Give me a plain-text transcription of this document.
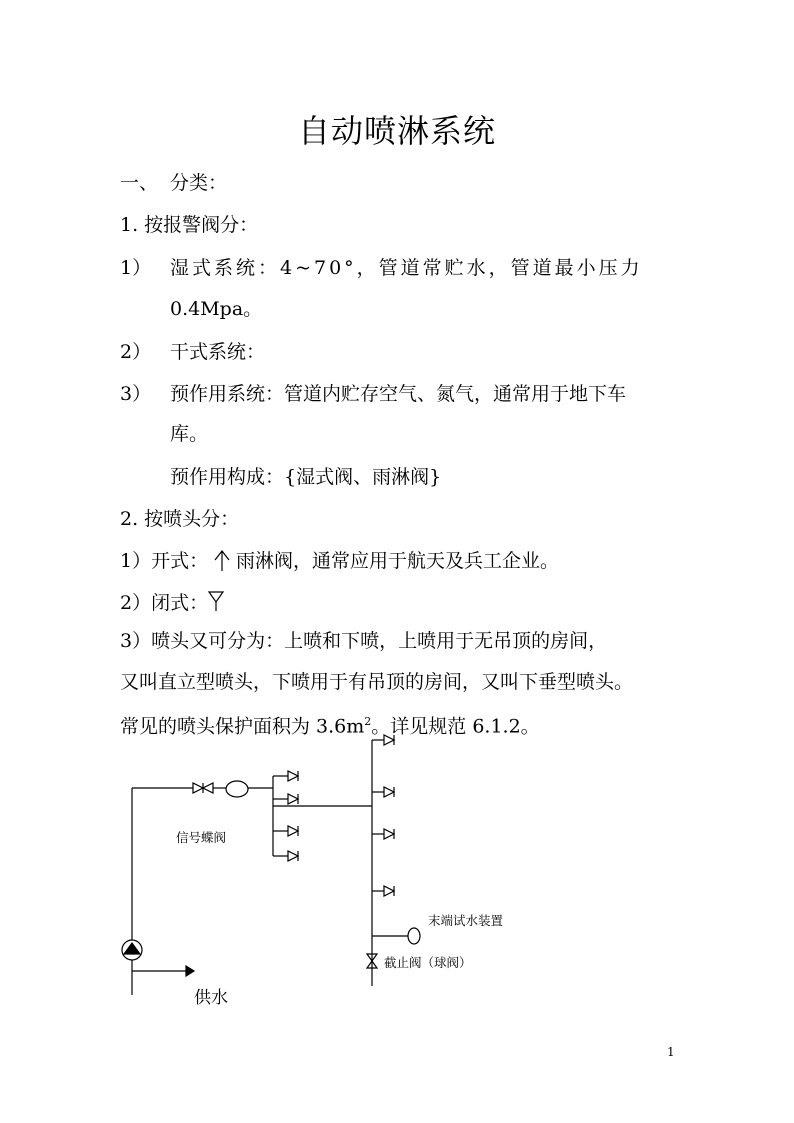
自动喷淋系统
一、 分类：
1. 按报警阀分：
1） 湿式系统：4~70°，管道常贮水，管道最小压力
0.4Mpa。
2） 干式系统：
3） 预作用系统：管道内贮存空气、氮气，通常用于地下车
库。
预作用构成：{湿式阀、雨淋阀}
2. 按喷头分：
1）开式： 雨淋阀，通常应用于航天及兵工企业。
2）闭式：
3）喷头又可分为：上喷和下喷，上喷用于无吊顶的房间，
又叫直立型喷头，下喷用于有吊顶的房间，又叫下垂型喷头。
常见的喷头保护面积为 $3.6m^2$。详见规范 6.1.2。
信号蝶阀
末端试水装置
截止阀（球阀）
供水
1
